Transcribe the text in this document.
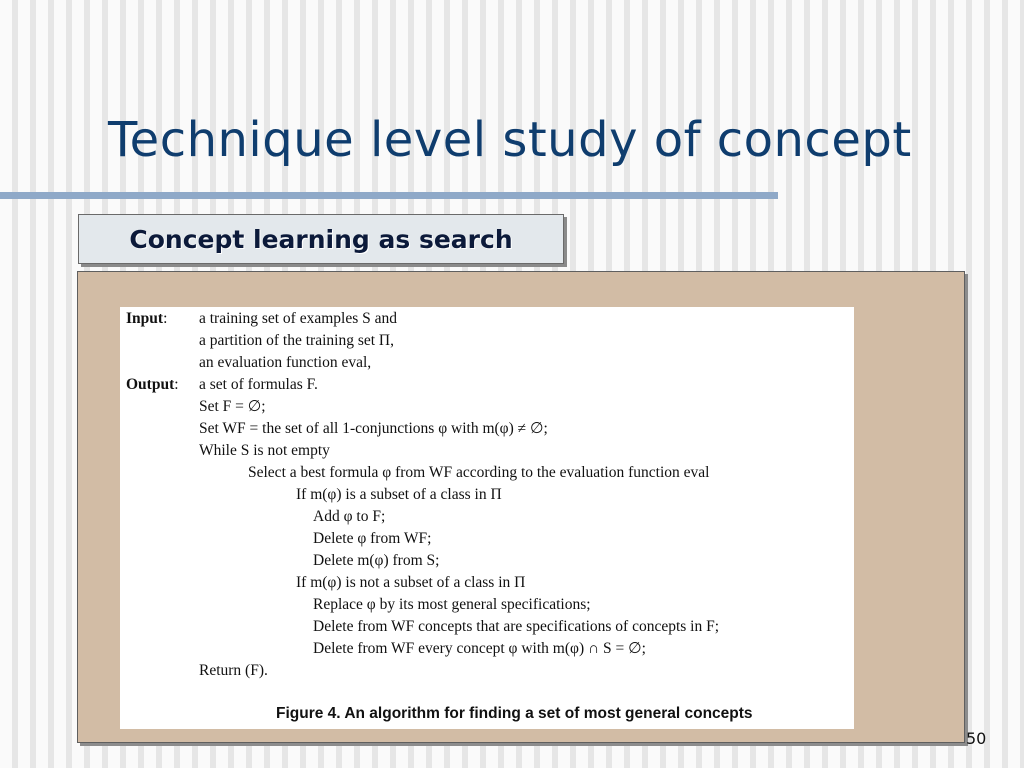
Technique level study of concept
Concept learning as search
Input: a training set of examples S and
a partition of the training set Π,
an evaluation function eval,
Output: a set of formulas F.
Set F = ∅;
Set WF = the set of all 1-conjunctions φ with m(φ) ≠ ∅;
While S is not empty
Select a best formula φ from WF according to the evaluation function eval
If m(φ) is a subset of a class in Π
Add φ to F;
Delete φ from WF;
Delete m(φ) from S;
If m(φ) is not a subset of a class in Π
Replace φ by its most general specifications;
Delete from WF concepts that are specifications of concepts in F;
Delete from WF every concept φ with m(φ) ∩ S = ∅;
Return (F).
Figure 4. An algorithm for finding a set of most general concepts
50
